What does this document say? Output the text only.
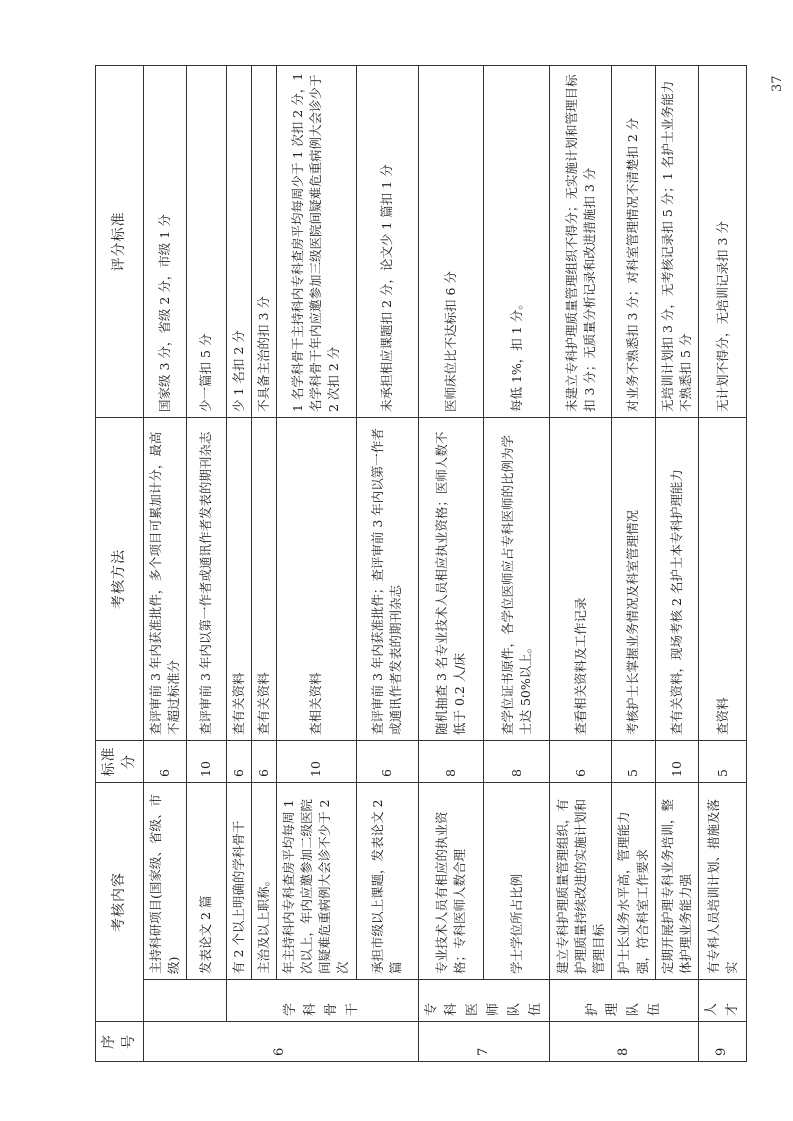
序号	考核内容		标准分	考核方法	评分标准
6		主持科研项目(国家级、省级、市级)	6	查评审前 3 年内获准批件，多个项目可累加计分，最高不超过标准分	国家级 3 分，省级 2 分，市级 1 分
		发表论文 2 篇	10	查评审前 3 年内以第一作者或通讯作者发表的期刊杂志	少一篇扣 5 分
	学科骨干	有 2 个以上明确的学科骨干	6	查有关资料	少 1 名扣 2 分
		主治及以上职称。	6	查有关资料	不具备主治的扣 3 分
		年主持科内专科查房平均每周 1 次以上，年内应邀参加二级医院间疑难危重病例大会诊不少于 2 次	10	查相关资料	1 名学科骨干主持科内专科查房平均每周少于 1 次扣 2 分，1 名学科骨干年内应邀参加三级医院间疑难危重病例大会诊少于 2 次扣 2 分
		承担市级以上课题，发表论文 2 篇	6	查评审前 3 年内获准批件；查评审前 3 年内以第一作者或通讯作者发表的期刊杂志	未承担相应课题扣 2 分，论文少 1 篇扣 1 分
7	专科医师队伍	专业技术人员有相应的执业资格；专科医师人数合理	8	随机抽查 3 名专业技术人员相应执业资格；医师人数不低于 0.2 人/床	医师床位比不达标扣 6 分
		学士学位所占比例	8	查学位证书原件，各学位医师应占专科医师的比例为学士达 50%以上。	每低 1%，扣 1 分。
8	护理队伍	建立专科护理质量管理组织，有护理质量持续改进的实施计划和管理目标	6	查看相关资料及工作记录	未建立专科护理质量管理组织不得分；无实施计划和管理目标扣 3 分；无质量分析记录和改进措施扣 3 分
		护士长业务水平高，管理能力强，符合科室工作要求	5	考核护士长掌握业务情况及科室管理情况	对业务不熟悉扣 3 分；对科室管理情况不清楚扣 2 分
		定期开展护理专科业务培训，整体护理业务能力强	10	查有关资料，现场考核 2 名护士本专科护理能力	无培训计划扣 3 分，无考核记录扣 5 分；1 名护士业务能力不熟悉扣 5 分
9	人才	有专科人员培训计划、措施及落实	5	查资料	无计划不得分，无培训记录扣 3 分
37
